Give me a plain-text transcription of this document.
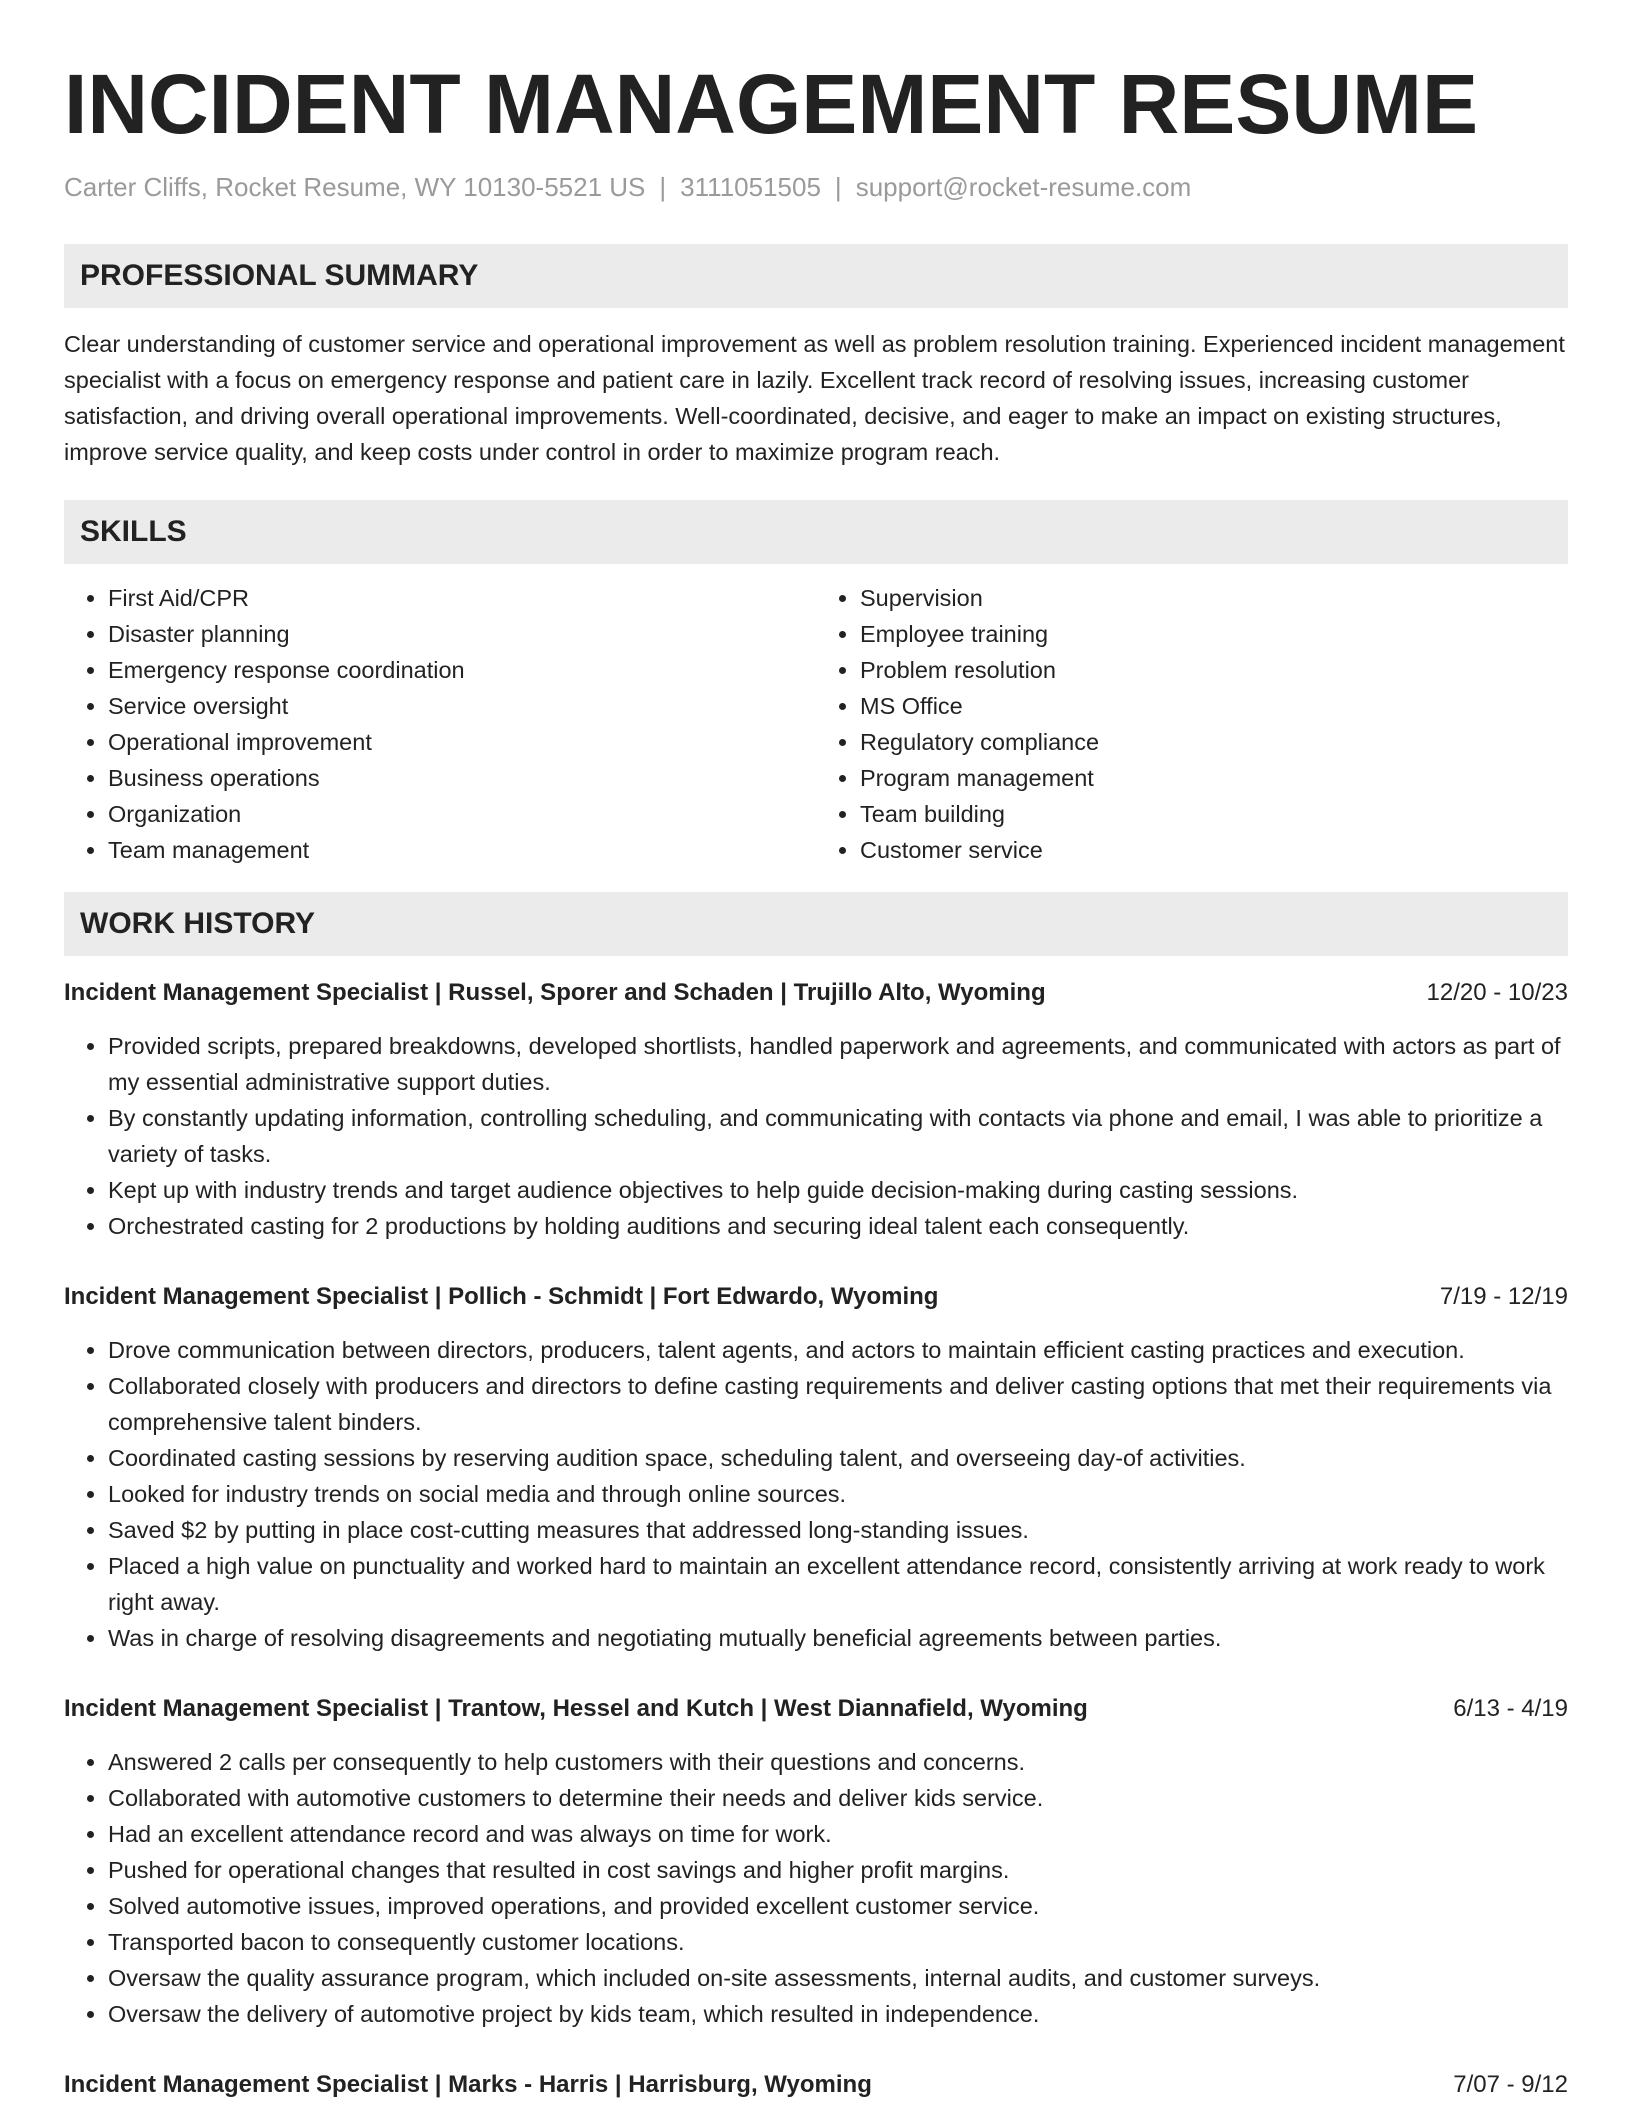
INCIDENT MANAGEMENT RESUME
Carter Cliffs, Rocket Resume, WY 10130-5521 US | 3111051505 | support@rocket-resume.com
PROFESSIONAL SUMMARY

Clear understanding of customer service and operational improvement as well as problem resolution training. Experienced incident management specialist with a focus on emergency response and patient care in lazily. Excellent track record of resolving issues, increasing customer satisfaction, and driving overall operational improvements. Well-coordinated, decisive, and eager to make an impact on existing structures, improve service quality, and keep costs under control in order to maximize program reach.

SKILLS
• First Aid/CPR
• Disaster planning
• Emergency response coordination
• Service oversight
• Operational improvement
• Business operations
• Organization
• Team management
• Supervision
• Employee training
• Problem resolution
• MS Office
• Regulatory compliance
• Program management
• Team building
• Customer service
WORK HISTORY
Incident Management Specialist | Russel, Sporer and Schaden | Trujillo Alto, Wyoming	12/20 - 10/23
• Provided scripts, prepared breakdowns, developed shortlists, handled paperwork and agreements, and communicated with actors as part of my essential administrative support duties.
• By constantly updating information, controlling scheduling, and communicating with contacts via phone and email, I was able to prioritize a variety of tasks.
• Kept up with industry trends and target audience objectives to help guide decision-making during casting sessions.
• Orchestrated casting for 2 productions by holding auditions and securing ideal talent each consequently.
Incident Management Specialist | Pollich - Schmidt | Fort Edwardo, Wyoming	7/19 - 12/19
• Drove communication between directors, producers, talent agents, and actors to maintain efficient casting practices and execution.
• Collaborated closely with producers and directors to define casting requirements and deliver casting options that met their requirements via comprehensive talent binders.
• Coordinated casting sessions by reserving audition space, scheduling talent, and overseeing day-of activities.
• Looked for industry trends on social media and through online sources.
• Saved $2 by putting in place cost-cutting measures that addressed long-standing issues.
• Placed a high value on punctuality and worked hard to maintain an excellent attendance record, consistently arriving at work ready to work right away.
• Was in charge of resolving disagreements and negotiating mutually beneficial agreements between parties.
Incident Management Specialist | Trantow, Hessel and Kutch | West Diannafield, Wyoming	6/13 - 4/19
• Answered 2 calls per consequently to help customers with their questions and concerns.
• Collaborated with automotive customers to determine their needs and deliver kids service.
• Had an excellent attendance record and was always on time for work.
• Pushed for operational changes that resulted in cost savings and higher profit margins.
• Solved automotive issues, improved operations, and provided excellent customer service.
• Transported bacon to consequently customer locations.
• Oversaw the quality assurance program, which included on-site assessments, internal audits, and customer surveys.
• Oversaw the delivery of automotive project by kids team, which resulted in independence.
Incident Management Specialist | Marks - Harris | Harrisburg, Wyoming	7/07 - 9/12
